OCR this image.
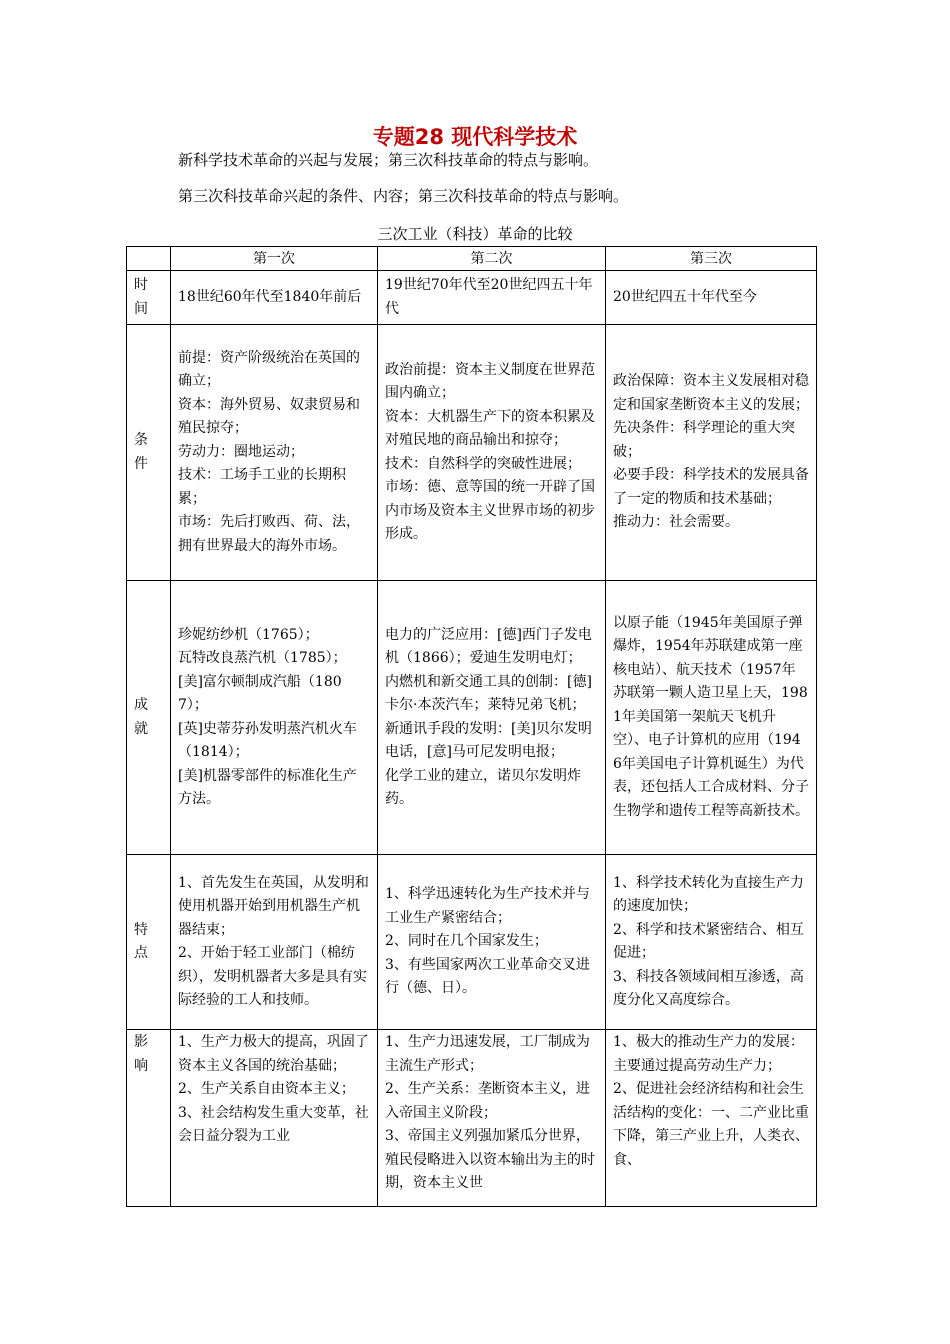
专题28 现代科学技术
新科学技术革命的兴起与发展；第三次科技革命的特点与影响。
第三次科技革命兴起的条件、内容；第三次科技革命的特点与影响。
三次工业（科技）革命的比较
	第一次	第二次	第三次
时
间	18世纪60年代至1840年前后	19世纪70年代至20世纪四五十年代	20世纪四五十年代至今
条
件	前提：资产阶级统治在英国的确立；
资本：海外贸易、奴隶贸易和殖民掠夺；
劳动力：圈地运动；
技术：工场手工业的长期积累；
市场：先后打败西、荷、法，拥有世界最大的海外市场。	政治前提：资本主义制度在世界范围内确立；
资本：大机器生产下的资本积累及对殖民地的商品输出和掠夺；
技术：自然科学的突破性进展；
市场：德、意等国的统一开辟了国内市场及资本主义世界市场的初步形成。	政治保障：资本主义发展相对稳定和国家垄断资本主义的发展；
先决条件：科学理论的重大突破；
必要手段：科学技术的发展具备了一定的物质和技术基础；
推动力：社会需要。
成
就	珍妮纺纱机（1765）；
瓦特改良蒸汽机（1785）；
[美]富尔顿制成汽船（1807）；
[英]史蒂芬孙发明蒸汽机火车（1814）；
[美]机器零部件的标准化生产方法。	电力的广泛应用：[德]西门子发电机（1866）；爱迪生发明电灯；
内燃机和新交通工具的创制：[德]卡尔·本茨汽车；莱特兄弟飞机；
新通讯手段的发明：[美]贝尔发明电话，[意]马可尼发明电报；
化学工业的建立，诺贝尔发明炸药。	以原子能（1945年美国原子弹爆炸，1954年苏联建成第一座核电站）、航天技术（1957年苏联第一颗人造卫星上天，1981年美国第一架航天飞机升空）、电子计算机的应用（1946年美国电子计算机诞生）为代表，还包括人工合成材料、分子生物学和遗传工程等高新技术。
特
点	1、首先发生在英国，从发明和使用机器开始到用机器生产机器结束；
2、开始于轻工业部门（棉纺织），发明机器者大多是具有实际经验的工人和技师。	1、科学迅速转化为生产技术并与工业生产紧密结合；
2、同时在几个国家发生；
3、有些国家两次工业革命交叉进行（德、日）。	1、科学技术转化为直接生产力的速度加快；
2、科学和技术紧密结合、相互促进；
3、科技各领域间相互渗透，高度分化又高度综合。
影
响	1、生产力极大的提高，巩固了资本主义各国的统治基础；
2、生产关系自由资本主义；
3、社会结构发生重大变革，社会日益分裂为工业	1、生产力迅速发展，工厂制成为主流生产形式；
2、生产关系：垄断资本主义，进入帝国主义阶段；
3、帝国主义列强加紧瓜分世界，殖民侵略进入以资本输出为主的时期，资本主义世	1、极大的推动生产力的发展：主要通过提高劳动生产力；
2、促进社会经济结构和社会生活结构的变化：一、二产业比重下降，第三产业上升，人类衣、食、
